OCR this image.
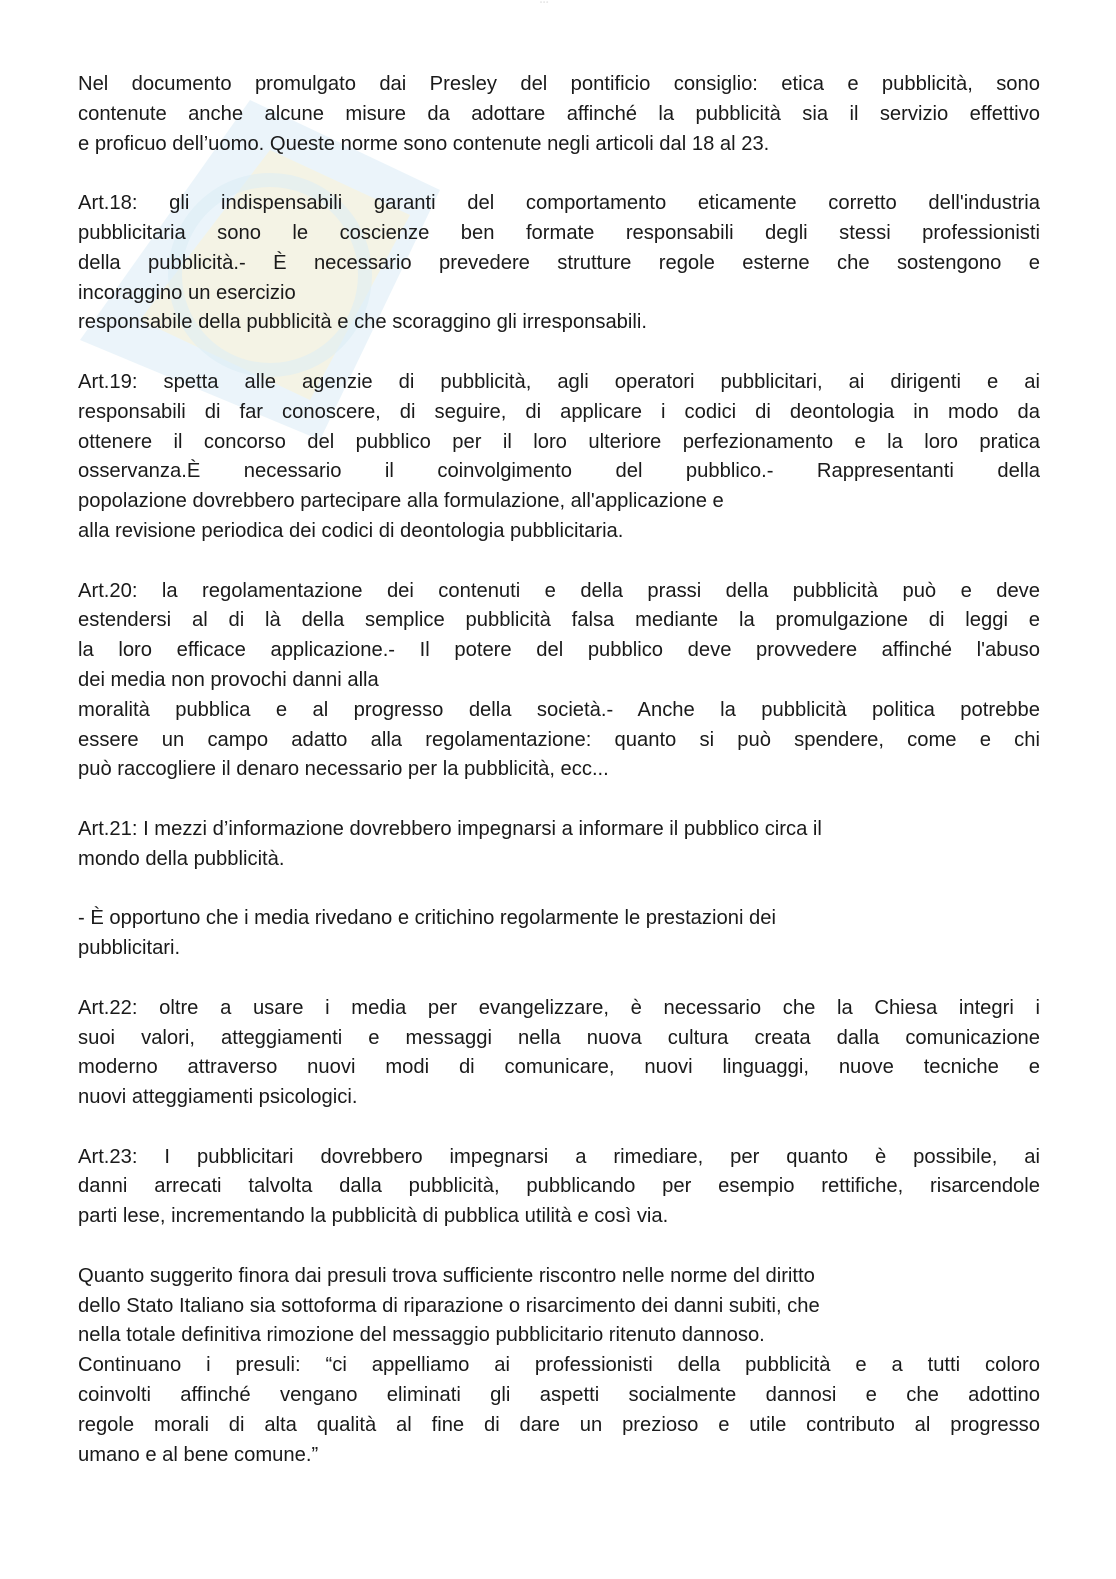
▫▫▫

Nel documento promulgato dai Presley del pontificio consiglio: etica e pubblicità, sono
contenute anche alcune misure da adottare affinché la pubblicità sia il servizio effettivo
e proficuo dell’uomo. Queste norme sono contenute negli articoli dal 18 al 23.

Art.18: gli indispensabili garanti del comportamento eticamente corretto dell'industria
pubblicitaria sono le coscienze ben formate responsabili degli stessi professionisti
della pubblicità.- È necessario prevedere strutture regole esterne che sostengono e
incoraggino un esercizio
responsabile della pubblicità e che scoraggino gli irresponsabili.

Art.19: spetta alle agenzie di pubblicità, agli operatori pubblicitari, ai dirigenti e ai
responsabili di far conoscere, di seguire, di applicare i codici di deontologia in modo da
ottenere il concorso del pubblico per il loro ulteriore perfezionamento e la loro pratica
osservanza.È necessario il coinvolgimento del pubblico.- Rappresentanti della
popolazione dovrebbero partecipare alla formulazione, all'applicazione e
alla revisione periodica dei codici di deontologia pubblicitaria.

Art.20: la regolamentazione dei contenuti e della prassi della pubblicità può e deve
estendersi al di là della semplice pubblicità falsa mediante la promulgazione di leggi e
la loro efficace applicazione.- Il potere del pubblico deve provvedere affinché l'abuso
dei media non provochi danni alla
moralità pubblica e al progresso della società.- Anche la pubblicità politica potrebbe
essere un campo adatto alla regolamentazione: quanto si può spendere, come e chi
può raccogliere il denaro necessario per la pubblicità, ecc...

Art.21: I mezzi d’informazione dovrebbero impegnarsi a informare il pubblico circa il
mondo della pubblicità.

- È opportuno che i media rivedano e critichino regolarmente le prestazioni dei
pubblicitari.

Art.22: oltre a usare i media per evangelizzare, è necessario che la Chiesa integri i
suoi valori, atteggiamenti e messaggi nella nuova cultura creata dalla comunicazione
moderno attraverso nuovi modi di comunicare, nuovi linguaggi, nuove tecniche e
nuovi atteggiamenti psicologici.

Art.23: I pubblicitari dovrebbero impegnarsi a rimediare, per quanto è possibile, ai
danni arrecati talvolta dalla pubblicità, pubblicando per esempio rettifiche, risarcendole
parti lese, incrementando la pubblicità di pubblica utilità e così via.

Quanto suggerito finora dai presuli trova sufficiente riscontro nelle norme del diritto
dello Stato Italiano sia sottoforma di riparazione o risarcimento dei danni subiti, che
nella totale definitiva rimozione del messaggio pubblicitario ritenuto dannoso.
Continuano i presuli: “ci appelliamo ai professionisti della pubblicità e a tutti coloro
coinvolti affinché vengano eliminati gli aspetti socialmente dannosi e che adottino
regole morali di alta qualità al fine di dare un prezioso e utile contributo al progresso
umano e al bene comune.”
